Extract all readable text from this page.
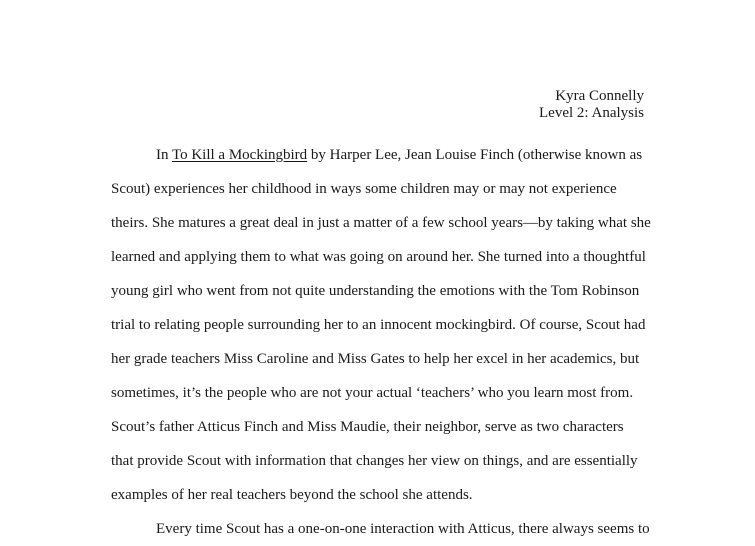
Kyra Connelly
Level 2: Analysis
In To Kill a Mockingbird by Harper Lee, Jean Louise Finch (otherwise known as
Scout) experiences her childhood in ways some children may or may not experience
theirs. She matures a great deal in just a matter of a few school years—by taking what she
learned and applying them to what was going on around her. She turned into a thoughtful
young girl who went from not quite understanding the emotions with the Tom Robinson
trial to relating people surrounding her to an innocent mockingbird. Of course, Scout had
her grade teachers Miss Caroline and Miss Gates to help her excel in her academics, but
sometimes, it’s the people who are not your actual ‘teachers’ who you learn most from.
Scout’s father Atticus Finch and Miss Maudie, their neighbor, serve as two characters
that provide Scout with information that changes her view on things, and are essentially
examples of her real teachers beyond the school she attends.
Every time Scout has a one-on-one interaction with Atticus, there always seems to
